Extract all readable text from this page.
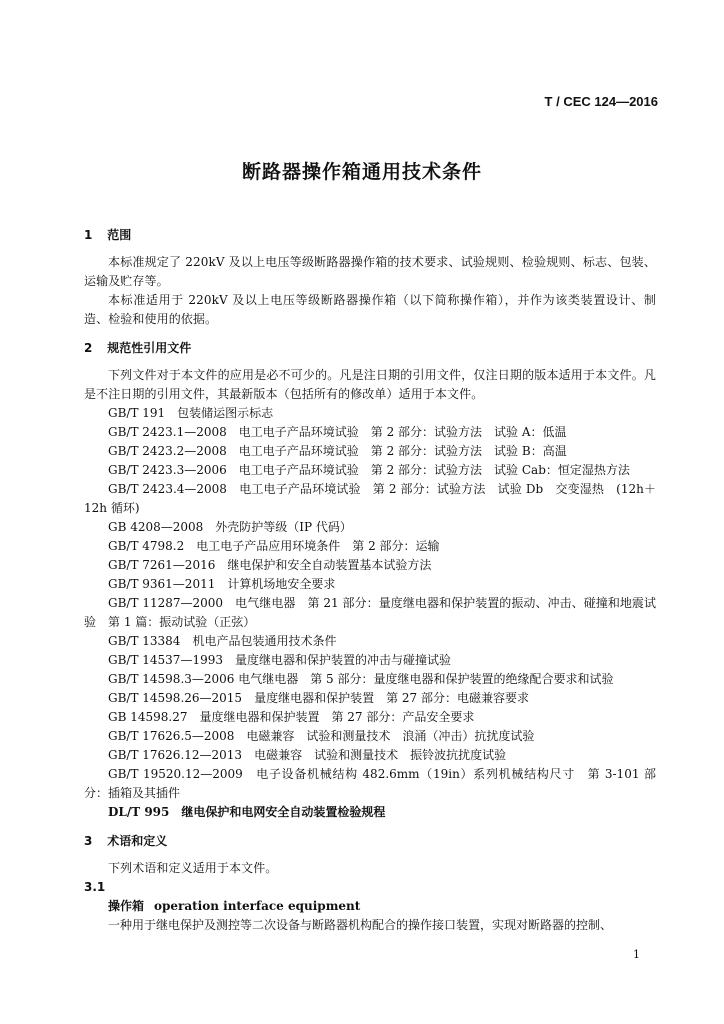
T / CEC 124—2016
断路器操作箱通用技术条件
1 范围

本标准规定了 220kV 及以上电压等级断路器操作箱的技术要求、试验规则、检验规则、标志、包装、运输及贮存等。

本标准适用于 220kV 及以上电压等级断路器操作箱（以下简称操作箱），并作为该类装置设计、制造、检验和使用的依据。

2 规范性引用文件

下列文件对于本文件的应用是必不可少的。凡是注日期的引用文件，仅注日期的版本适用于本文件。凡是不注日期的引用文件，其最新版本（包括所有的修改单）适用于本文件。

GB/T 191　包装储运图示标志

GB/T 2423.1—2008　电工电子产品环境试验　第 2 部分：试验方法　试验 A：低温

GB/T 2423.2—2008　电工电子产品环境试验　第 2 部分：试验方法　试验 B：高温

GB/T 2423.3—2006　电工电子产品环境试验　第 2 部分：试验方法　试验 Cab：恒定湿热方法

GB/T 2423.4—2008　电工电子产品环境试验　第 2 部分：试验方法　试验 Db　交变湿热　(12h＋12h 循环)

GB 4208—2008　外壳防护等级（IP 代码）

GB/T 4798.2　电工电子产品应用环境条件　第 2 部分：运输

GB/T 7261—2016　继电保护和安全自动装置基本试验方法

GB/T 9361—2011　计算机场地安全要求

GB/T 11287—2000　电气继电器　第 21 部分：量度继电器和保护装置的振动、冲击、碰撞和地震试验　第 1 篇：振动试验（正弦）

GB/T 13384　机电产品包装通用技术条件

GB/T 14537—1993　量度继电器和保护装置的冲击与碰撞试验

GB/T 14598.3—2006 电气继电器　第 5 部分：量度继电器和保护装置的绝缘配合要求和试验

GB/T 14598.26—2015　量度继电器和保护装置　第 27 部分：电磁兼容要求

GB 14598.27　量度继电器和保护装置　第 27 部分：产品安全要求

GB/T 17626.5—2008　电磁兼容　试验和测量技术　浪涌（冲击）抗扰度试验

GB/T 17626.12—2013　电磁兼容　试验和测量技术　振铃波抗扰度试验

GB/T 19520.12—2009　电子设备机械结构 482.6mm（19in）系列机械结构尺寸　第 3-101 部分：插箱及其插件

DL/T 995　继电保护和电网安全自动装置检验规程

3 术语和定义

下列术语和定义适用于本文件。

3.1

操作箱 operation interface equipment

一种用于继电保护及测控等二次设备与断路器机构配合的操作接口装置，实现对断路器的控制、

1
